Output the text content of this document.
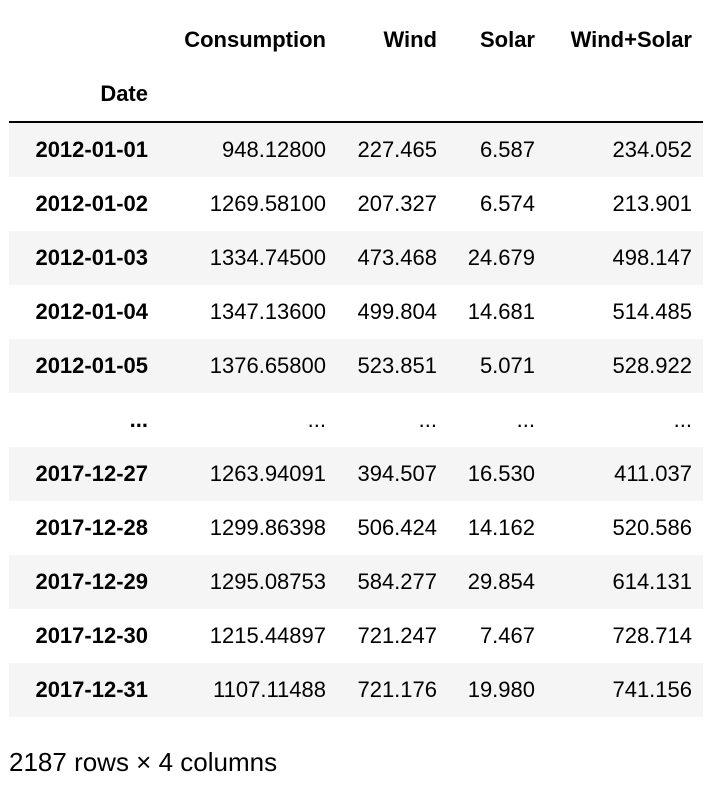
	Consumption	Wind	Solar	Wind+Solar
Date				
2012-01-01	948.12800	227.465	6.587	234.052
2012-01-02	1269.58100	207.327	6.574	213.901
2012-01-03	1334.74500	473.468	24.679	498.147
2012-01-04	1347.13600	499.804	14.681	514.485
2012-01-05	1376.65800	523.851	5.071	528.922
...	...	...	...	...
2017-12-27	1263.94091	394.507	16.530	411.037
2017-12-28	1299.86398	506.424	14.162	520.586
2017-12-29	1295.08753	584.277	29.854	614.131
2017-12-30	1215.44897	721.247	7.467	728.714
2017-12-31	1107.11488	721.176	19.980	741.156
2187 rows × 4 columns
